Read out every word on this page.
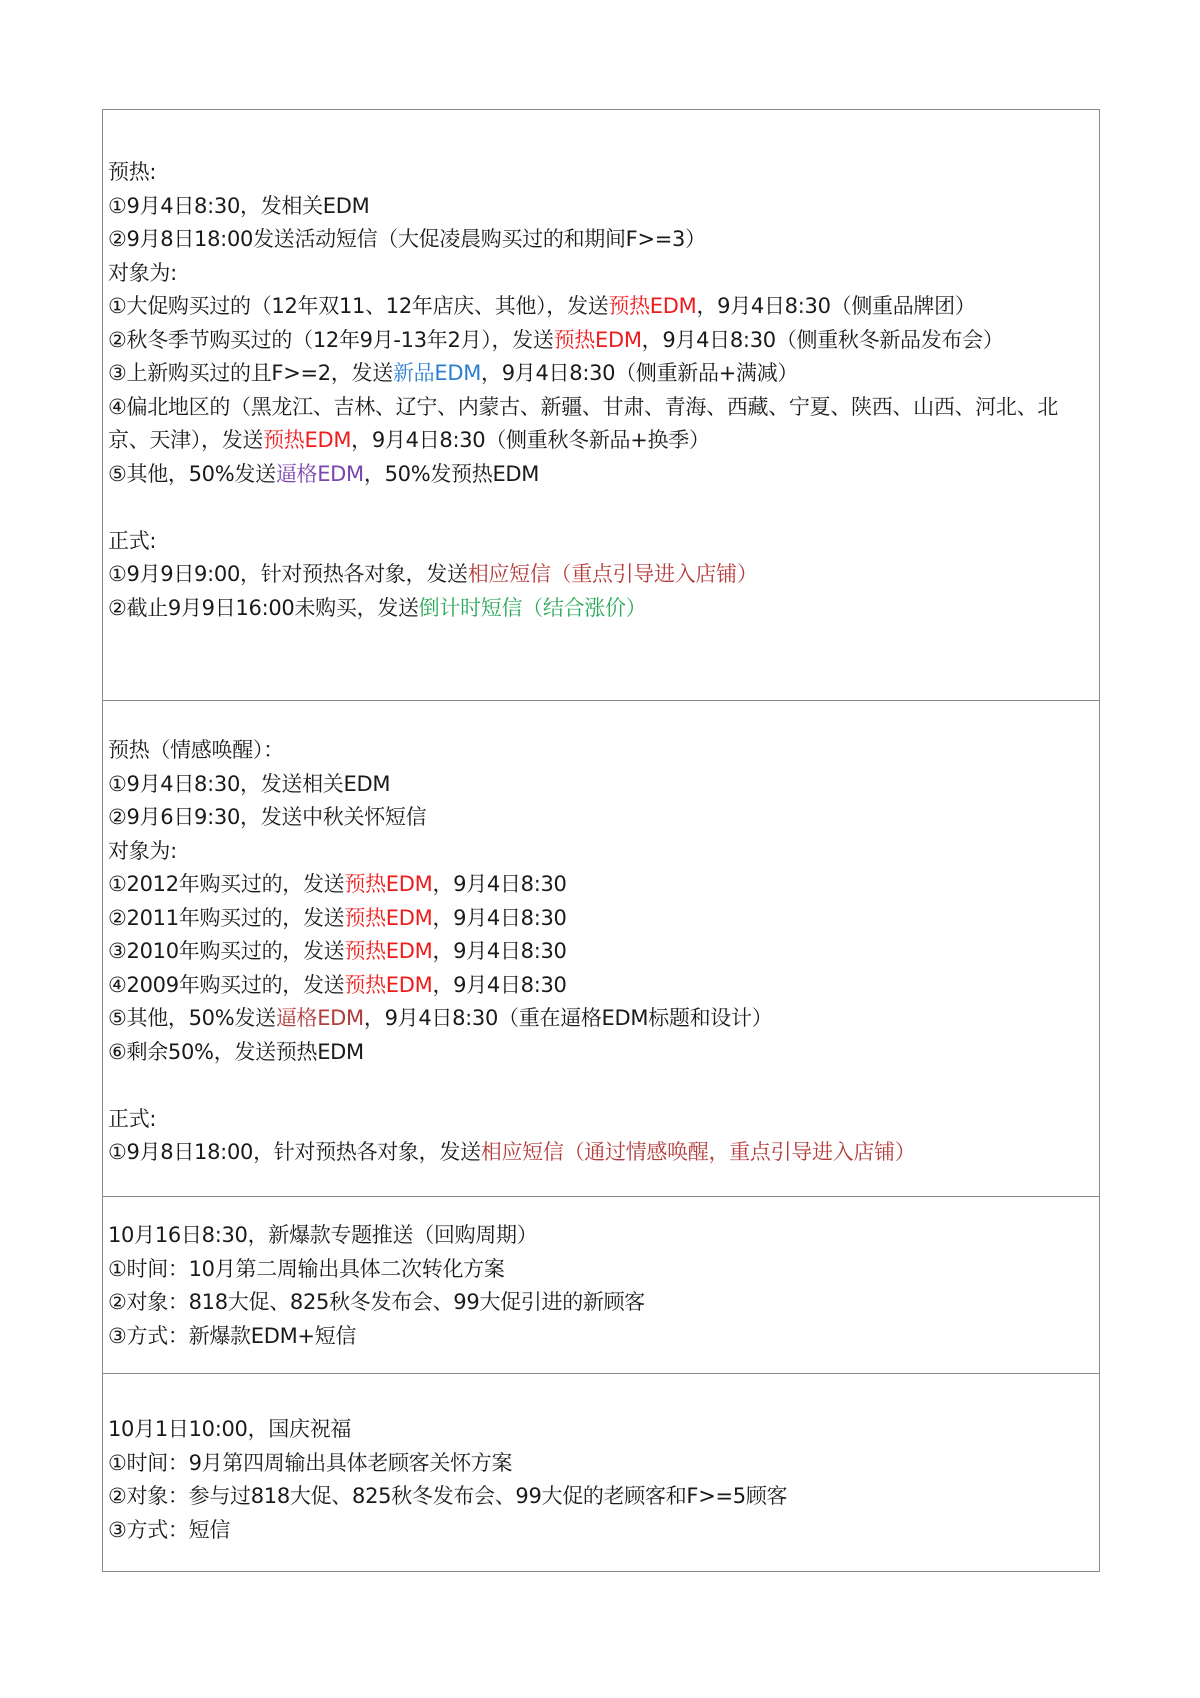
预热:
①9月4日8:30，发相关EDM
②9月8日18:00发送活动短信（大促凌晨购买过的和期间F>=3）
对象为:
①大促购买过的（12年双11、12年店庆、其他），发送预热EDM，9月4日8:30（侧重品牌团）
②秋冬季节购买过的（12年9月-13年2月），发送预热EDM，9月4日8:30（侧重秋冬新品发布会）
③上新购买过的且F>=2，发送新品EDM，9月4日8:30（侧重新品+满减）
④偏北地区的（黑龙江、吉林、辽宁、内蒙古、新疆、甘肃、青海、西藏、宁夏、陕西、山西、河北、北京、天津），发送预热EDM，9月4日8:30（侧重秋冬新品+换季）
⑤其他，50%发送逼格EDM，50%发预热EDM
正式:
①9月9日9:00，针对预热各对象，发送相应短信（重点引导进入店铺）
②截止9月9日16:00未购买，发送倒计时短信（结合涨价）
预热（情感唤醒）：
①9月4日8:30，发送相关EDM
②9月6日9:30，发送中秋关怀短信
对象为:
①2012年购买过的，发送预热EDM，9月4日8:30
②2011年购买过的，发送预热EDM，9月4日8:30
③2010年购买过的，发送预热EDM，9月4日8:30
④2009年购买过的，发送预热EDM，9月4日8:30
⑤其他，50%发送逼格EDM，9月4日8:30（重在逼格EDM标题和设计）
⑥剩余50%，发送预热EDM
正式:
①9月8日18:00，针对预热各对象，发送相应短信（通过情感唤醒，重点引导进入店铺）
10月16日8:30，新爆款专题推送（回购周期）
①时间：10月第二周输出具体二次转化方案
②对象：818大促、825秋冬发布会、99大促引进的新顾客
③方式：新爆款EDM+短信
10月1日10:00，国庆祝福
①时间：9月第四周输出具体老顾客关怀方案
②对象：参与过818大促、825秋冬发布会、99大促的老顾客和F>=5顾客
③方式：短信
